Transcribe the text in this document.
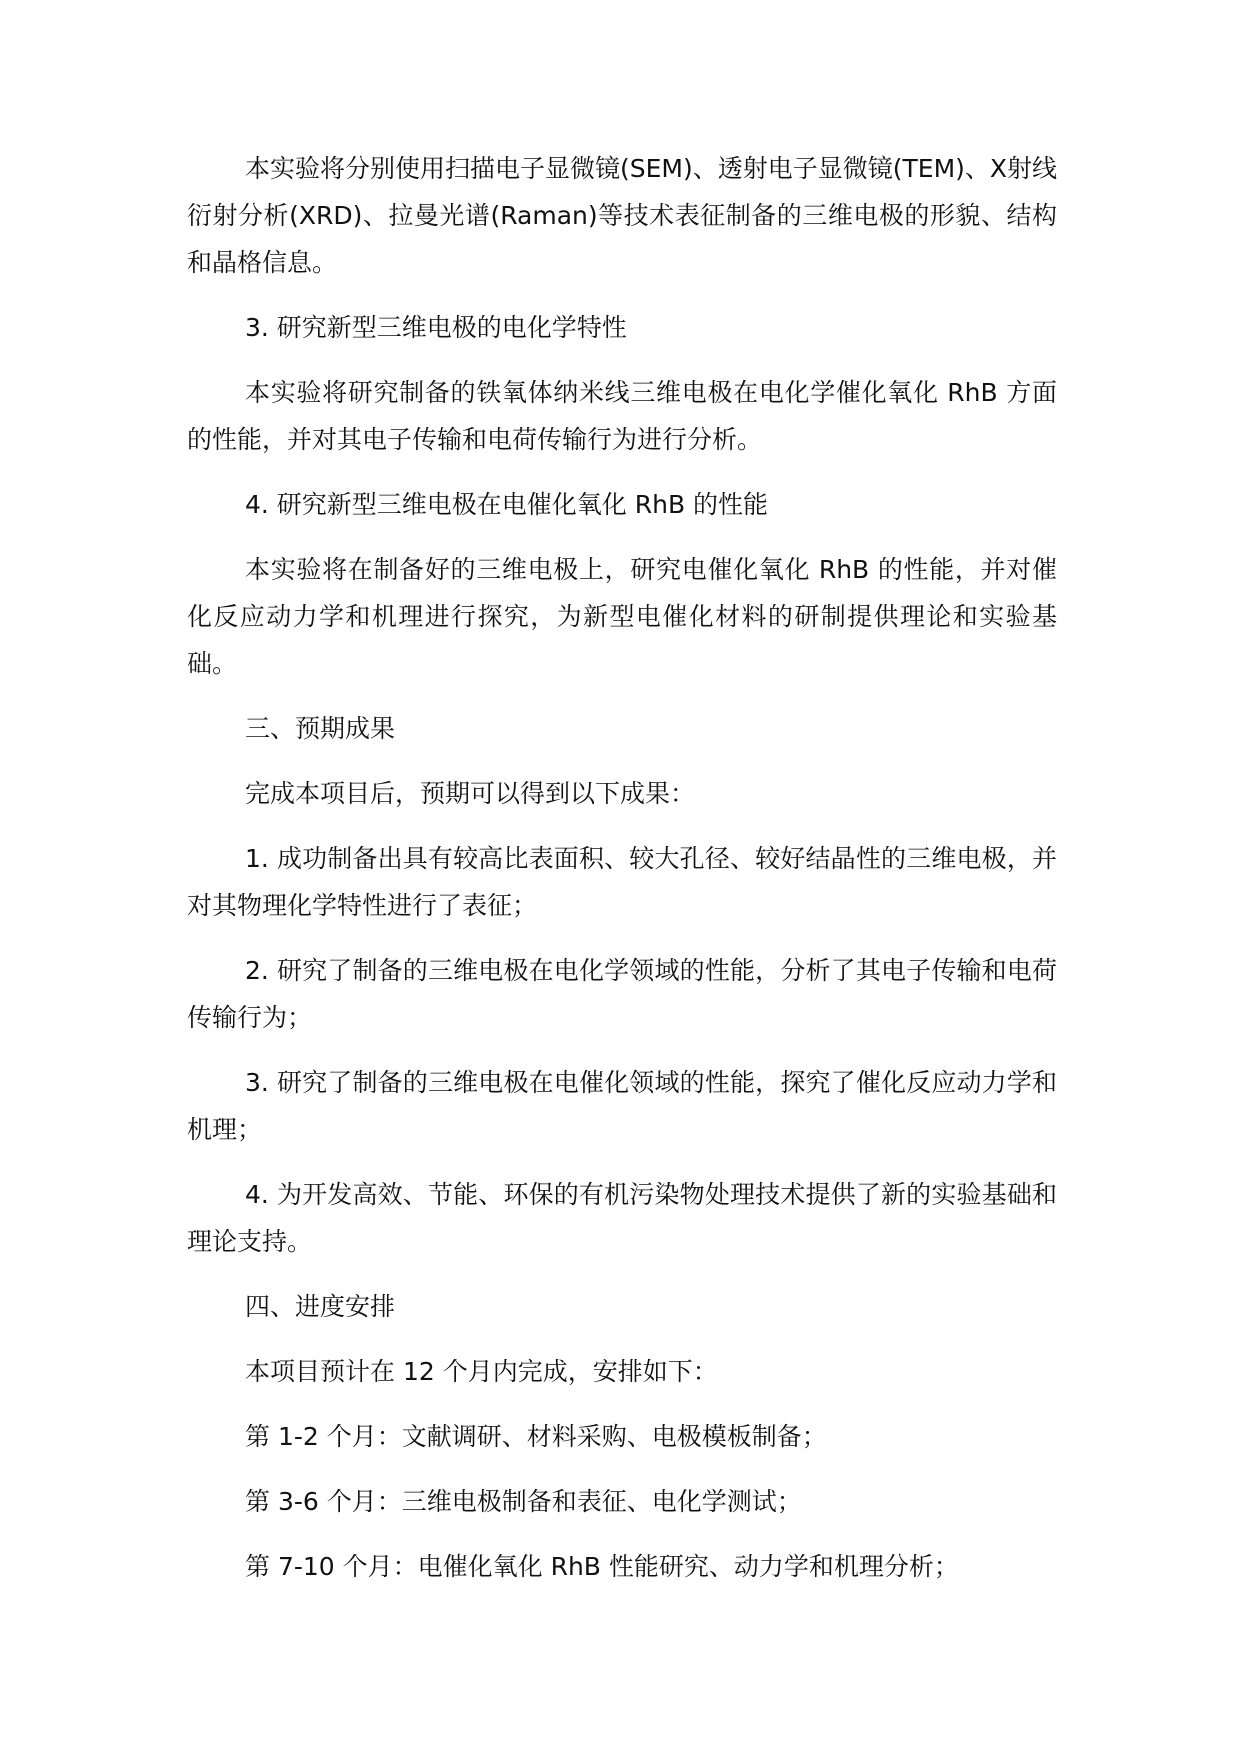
本实验将分别使用扫描电子显微镜(SEM)、透射电子显微镜(TEM)、X射线衍射分析(XRD)、拉曼光谱(Raman)等技术表征制备的三维电极的形貌、结构和晶格信息。

3. 研究新型三维电极的电化学特性

本实验将研究制备的铁氧体纳米线三维电极在电化学催化氧化 RhB 方面的性能，并对其电子传输和电荷传输行为进行分析。

4. 研究新型三维电极在电催化氧化 RhB 的性能

本实验将在制备好的三维电极上，研究电催化氧化 RhB 的性能，并对催化反应动力学和机理进行探究，为新型电催化材料的研制提供理论和实验基础。

三、预期成果

完成本项目后，预期可以得到以下成果：

1. 成功制备出具有较高比表面积、较大孔径、较好结晶性的三维电极，并对其物理化学特性进行了表征；

2. 研究了制备的三维电极在电化学领域的性能，分析了其电子传输和电荷传输行为；

3. 研究了制备的三维电极在电催化领域的性能，探究了催化反应动力学和机理；

4. 为开发高效、节能、环保的有机污染物处理技术提供了新的实验基础和理论支持。

四、进度安排

本项目预计在 12 个月内完成，安排如下：

第 1-2 个月：文献调研、材料采购、电极模板制备；

第 3-6 个月：三维电极制备和表征、电化学测试；

第 7-10 个月：电催化氧化 RhB 性能研究、动力学和机理分析；
